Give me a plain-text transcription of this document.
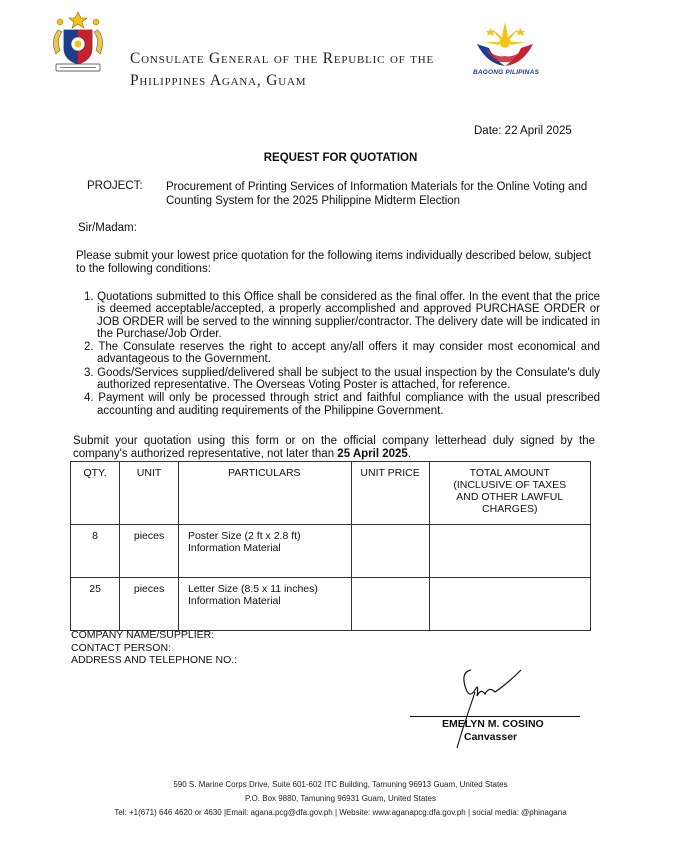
Consulate General of the Republic of the
Philippines Agana, Guam	BAGONG PILIPINAS
Date: 22 April 2025
REQUEST FOR QUOTATION
PROJECT: Procurement of Printing Services of Information Materials for the Online Voting and Counting System for the 2025 Philippine Midterm Election
Sir/Madam:
Please submit your lowest price quotation for the following items individually described below, subject to the following conditions:
1. Quotations submitted to this Office shall be considered as the final offer. In the event that the price is deemed acceptable/accepted, a properly accomplished and approved PURCHASE ORDER or JOB ORDER will be served to the winning supplier/contractor. The delivery date will be indicated in the Purchase/Job Order.
2. The Consulate reserves the right to accept any/all offers it may consider most economical and advantageous to the Government.
3. Goods/Services supplied/delivered shall be subject to the usual inspection by the Consulate's duly authorized representative. The Overseas Voting Poster is attached, for reference.
4. Payment will only be processed through strict and faithful compliance with the usual prescribed accounting and auditing requirements of the Philippine Government.
Submit your quotation using this form or on the official company letterhead duly signed by the company's authorized representative, not later than 25 April 2025.
QTY.	UNIT	PARTICULARS	UNIT PRICE	TOTAL AMOUNT (INCLUSIVE OF TAXES AND OTHER LAWFUL CHARGES)
8	pieces	Poster Size (2 ft x 2.8 ft)
Information Material		

25	pieces	Letter Size (8.5 x 11 inches)
Information Material		

COMPANY NAME/SUPPLIER:
CONTACT PERSON:
ADDRESS AND TELEPHONE NO.:
EMELYN M. COSINO
Canvasser
590 S. Marine Corps Drive, Suite 601-602 ITC Building, Tamuning 96913 Guam, United States
P.O. Box 9880, Tamuning 96931 Guam, United States
Tel: +1(671) 646 4620 or 4630 |Email: agana.pcg@dfa.gov.ph | Website: www.aganapcg.dfa.gov.ph | social media: @phinagana
